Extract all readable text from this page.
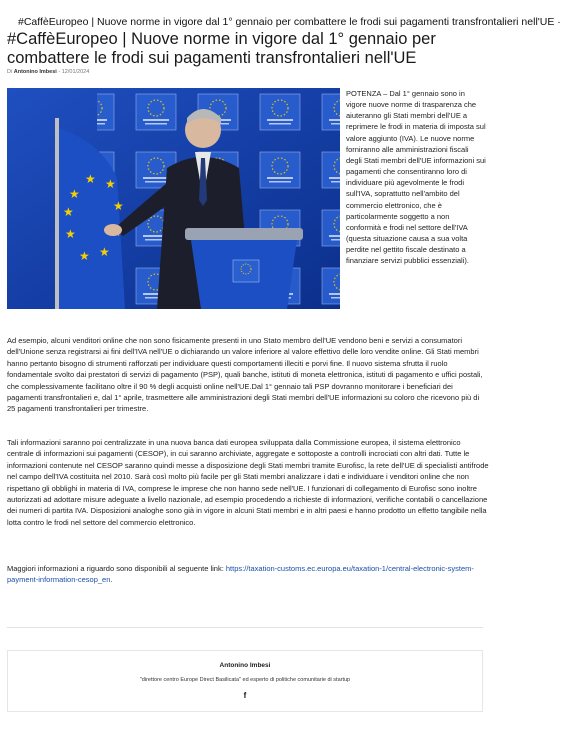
#CaffèEuropeo | Nuove norme in vigore dal 1° gennaio per combattere le frodi sui pagamenti transfrontalieri nell'UE ·
#CaffèEuropeo | Nuove norme in vigore dal 1° gennaio per combattere le frodi sui pagamenti transfrontalieri nell'UE
Di Antonino Imbesi - 12/01/2024
★
★ ★
★
★
★
★
★

POTENZA – Dal 1° gennaio sono in vigore nuove norme di trasparenza che aiuteranno gli Stati membri dell'UE a reprimere le frodi in materia di imposta sul valore aggiunto (IVA). Le nuove norme forniranno alle amministrazioni fiscali degli Stati membri dell'UE informazioni sui pagamenti che consentiranno loro di individuare più agevolmente le frodi sull'IVA, soprattutto nell'ambito del commercio elettronico, che è particolarmente soggetto a non conformità e frodi nel settore dell'IVA (questa situazione causa a sua volta perdite nel gettito fiscale destinato a finanziare servizi pubblici essenziali).

Ad esempio, alcuni venditori online che non sono fisicamente presenti in uno Stato membro dell'UE vendono beni e servizi a consumatori dell'Unione senza registrarsi ai fini dell'IVA nell'UE o dichiarando un valore inferiore al valore effettivo delle loro vendite online. Gli Stati membri hanno pertanto bisogno di strumenti rafforzati per individuare questi comportamenti illeciti e porvi fine. Il nuovo sistema sfrutta il ruolo fondamentale svolto dai prestatori di servizi di pagamento (PSP), quali banche, istituti di moneta elettronica, istituti di pagamento e uffici postali, che complessivamente facilitano oltre il 90 % degli acquisti online nell'UE.Dal 1° gennaio tali PSP dovranno monitorare i beneficiari dei pagamenti transfrontalieri e, dal 1° aprile, trasmettere alle amministrazioni degli Stati membri dell'UE informazioni su coloro che ricevono più di 25 pagamenti transfrontalieri per trimestre.

Tali informazioni saranno poi centralizzate in una nuova banca dati europea sviluppata dalla Commissione europea, il sistema elettronico centrale di informazioni sui pagamenti (CESOP), in cui saranno archiviate, aggregate e sottoposte a controlli incrociati con altri dati. Tutte le informazioni contenute nel CESOP saranno quindi messe a disposizione degli Stati membri tramite Eurofisc, la rete dell'UE di specialisti antifrode nel campo dell'IVA costituita nel 2010. Sarà così molto più facile per gli Stati membri analizzare i dati e individuare i venditori online che non rispettano gli obblighi in materia di IVA, comprese le imprese che non hanno sede nell'UE. I funzionari di collegamento di Eurofisc sono inoltre autorizzati ad adottare misure adeguate a livello nazionale, ad esempio procedendo a richieste di informazioni, verifiche contabili o cancellazione dei numeri di partita IVA. Disposizioni analoghe sono già in vigore in alcuni Stati membri e in altri paesi e hanno prodotto un effetto tangibile nella lotta contro le frodi nel settore del commercio elettronico.

Maggiori informazioni a riguardo sono disponibili al seguente link: https://taxation-customs.ec.europa.eu/taxation-1/central-electronic-system-payment-information-cesop_en.

Antonino Imbesi
"direttore centro Europe Direct Basilicata" ed esperto di politiche comunitarie di startup
f
